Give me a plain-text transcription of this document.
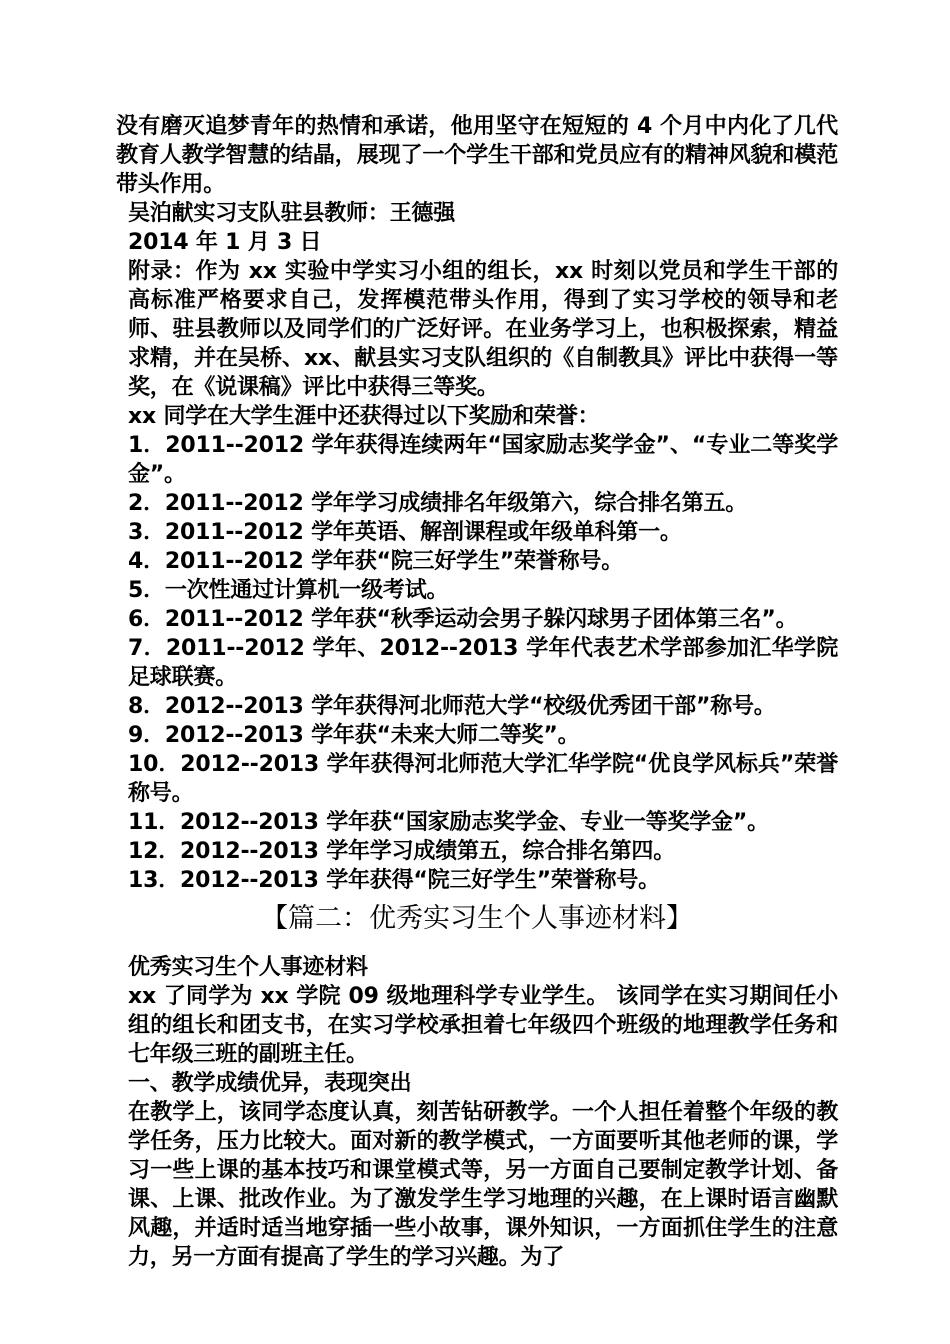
没有磨灭追梦青年的热情和承诺，他用坚守在短短的 4 个月中内化了几代教育人教学智慧的结晶，展现了一个学生干部和党员应有的精神风貌和模范带头作用。

吴泊献实习支队驻县教师：王德强

2014 年 1 月 3 日

附录：作为 xx 实验中学实习小组的组长，xx 时刻以党员和学生干部的高标准严格要求自己，发挥模范带头作用，得到了实习学校的领导和老师、驻县教师以及同学们的广泛好评。在业务学习上，也积极探索，精益求精，并在吴桥、xx、献县实习支队组织的《自制教具》评比中获得一等奖，在《说课稿》评比中获得三等奖。

xx 同学在大学生涯中还获得过以下奖励和荣誉：

1．2011--2012 学年获得连续两年“国家励志奖学金”、“专业二等奖学金”。

2．2011--2012 学年学习成绩排名年级第六，综合排名第五。

3．2011--2012 学年英语、解剖课程或年级单科第一。

4．2011--2012 学年获“院三好学生”荣誉称号。

5．一次性通过计算机一级考试。

6．2011--2012 学年获“秋季运动会男子躲闪球男子团体第三名”。

7．2011--2012 学年、2012--2013 学年代表艺术学部参加汇华学院足球联赛。

8．2012--2013 学年获得河北师范大学“校级优秀团干部”称号。

9．2012--2013 学年获“未来大师二等奖”。

10．2012--2013 学年获得河北师范大学汇华学院“优良学风标兵”荣誉称号。

11．2012--2013 学年获“国家励志奖学金、专业一等奖学金”。

12．2012--2013 学年学习成绩第五，综合排名第四。

13．2012--2013 学年获得“院三好学生”荣誉称号。

【篇二：优秀实习生个人事迹材料】

优秀实习生个人事迹材料

xx 了同学为 xx 学院 09 级地理科学专业学生。 该同学在实习期间任小组的组长和团支书，在实习学校承担着七年级四个班级的地理教学任务和七年级三班的副班主任。

一、教学成绩优异，表现突出

在教学上，该同学态度认真，刻苦钻研教学。一个人担任着整个年级的教学任务，压力比较大。面对新的教学模式，一方面要听其他老师的课，学习一些上课的基本技巧和课堂模式等，另一方面自己要制定教学计划、备课、上课、批改作业。为了激发学生学习地理的兴趣，在上课时语言幽默风趣，并适时适当地穿插一些小故事，课外知识，一方面抓住学生的注意力，另一方面有提高了学生的学习兴趣。为了
